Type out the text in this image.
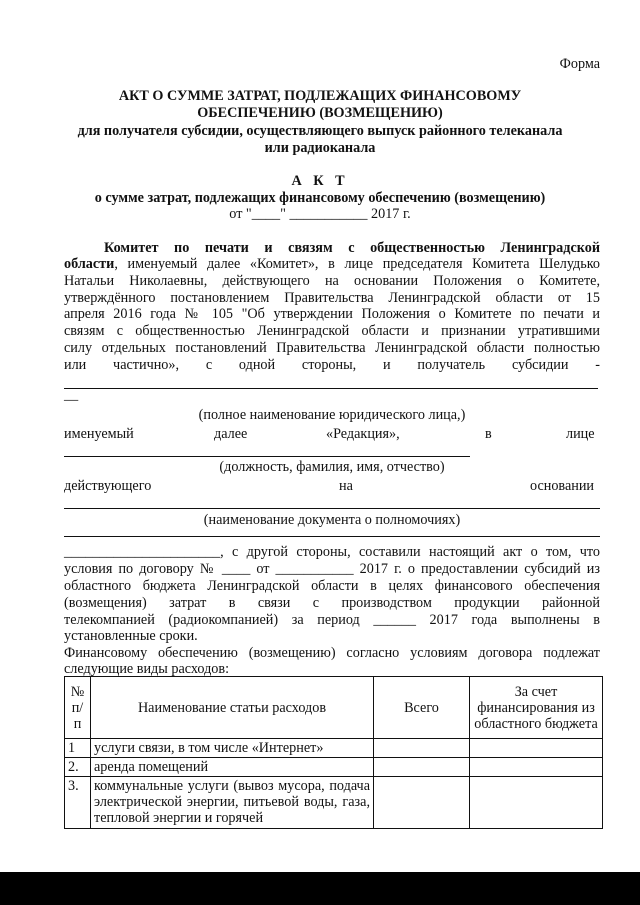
Форма
АКТ О СУММЕ ЗАТРАТ, ПОДЛЕЖАЩИХ ФИНАНСОВОМУ
ОБЕСПЕЧЕНИЮ (ВОЗМЕЩЕНИЮ)
для получателя субсидии, осуществляющего выпуск районного телеканала
или радиоканала
А К Т
о сумме затрат, подлежащих финансовому обеспечению (возмещению)
от "____" ___________ 2017 г.
Комитет по печати и связям с общественностью Ленинградской
области, именуемый далее «Комитет», в лице председателя Комитета Шелудько
Натальи Николаевны, действующего на основании Положения о Комитете,
утверждённого постановлением Правительства Ленинградской области от 15
апреля 2016 года № 105 "Об утверждении Положения о Комитете по печати и
связям с общественностью Ленинградской области и признании утратившими
силу отдельных постановлений Правительства Ленинградской области полностью
или частично», с одной стороны, и получатель субсидии -
—
(полное наименование юридического лица,)
именуемый	далее	«Редакция»,	в	лице
(должность, фамилия, имя, отчество)
действующего	на	основании
(наименование документа о полномочиях)
______________________, с другой стороны, составили настоящий акт о том, что
условия по договору № ____ от ___________ 2017 г. о предоставлении субсидий из
областного бюджета Ленинградской области в целях финансового обеспечения
(возмещения) затрат в связи с производством продукции районной
телекомпанией (радиокомпанией) за период ______ 2017 года выполнены в
установленные сроки.
Финансовому обеспечению (возмещению) согласно условиям договора подлежат
следующие виды расходов:
№ п/п	Наименование статьи расходов	Всего	За счет финансирования из областного бюджета
1	услуги связи, в том числе «Интернет»		
2.	аренда помещений		
3.	коммунальные услуги (вывоз мусора, подача электрической энергии, питьевой воды, газа, тепловой энергии и горячей		
